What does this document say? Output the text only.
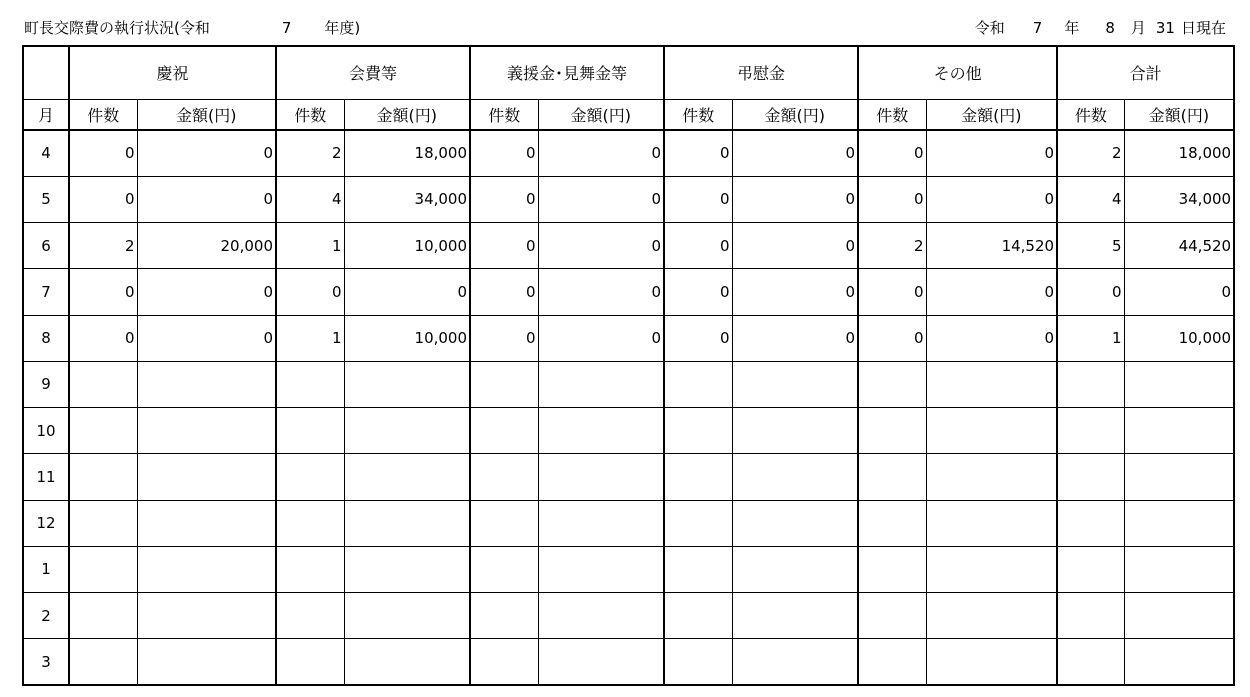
町長交際費の執行状況(令和	7 年度)	令和 7 年 8 月 31 日現在
	慶祝		会費等		義援金･見舞金等		弔慰金		その他		合計	
月	件数	金額(円)	件数	金額(円)	件数	金額(円)	件数	金額(円)	件数	金額(円)	件数	金額(円)
4	0	0	2	18,000	0	0	0	0	0	0	2	18,000
5	0	0	4	34,000	0	0	0	0	0	0	4	34,000
6	2	20,000	1	10,000	0	0	0	0	2	14,520	5	44,520
7	0	0	0	0	0	0	0	0	0	0	0	0
8	0	0	1	10,000	0	0	0	0	0	0	1	10,000
9												
10												
11												
12												
1												
2												
3												
